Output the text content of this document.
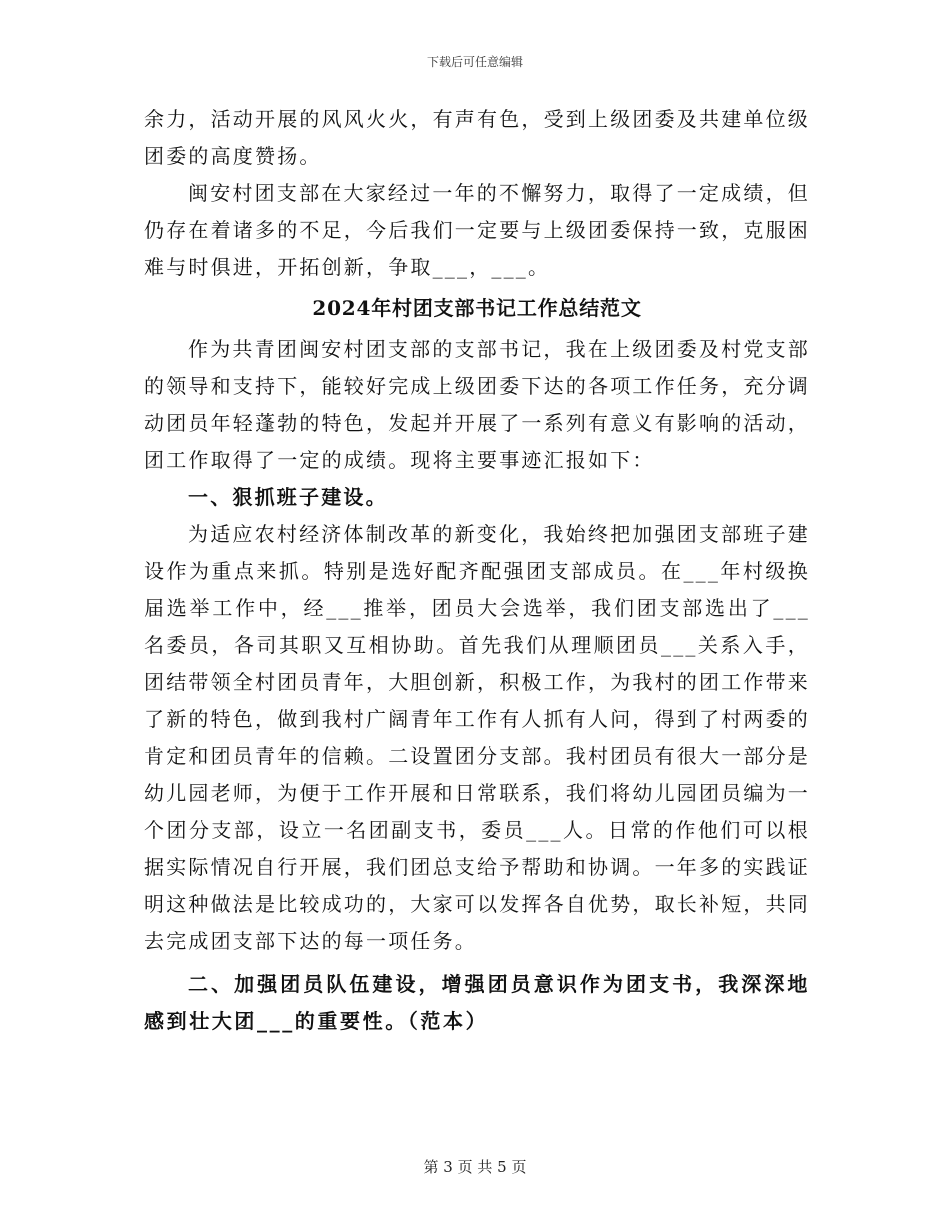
下载后可任意编辑

余力，活动开展的风风火火，有声有色，受到上级团委及共建单位级团委的高度赞扬。

闽安村团支部在大家经过一年的不懈努力，取得了一定成绩，但仍存在着诸多的不足，今后我们一定要与上级团委保持一致，克服困难与时俱进，开拓创新，争取___，___。

2024年村团支部书记工作总结范文

作为共青团闽安村团支部的支部书记，我在上级团委及村党支部的领导和支持下，能较好完成上级团委下达的各项工作任务，充分调动团员年轻蓬勃的特色，发起并开展了一系列有意义有影响的活动，团工作取得了一定的成绩。现将主要事迹汇报如下：

一、狠抓班子建设。

为适应农村经济体制改革的新变化，我始终把加强团支部班子建设作为重点来抓。特别是选好配齐配强团支部成员。在___年村级换届选举工作中，经___推举，团员大会选举，我们团支部选出了___名委员，各司其职又互相协助。首先我们从理顺团员___关系入手，团结带领全村团员青年，大胆创新，积极工作，为我村的团工作带来了新的特色，做到我村广阔青年工作有人抓有人问，得到了村两委的肯定和团员青年的信赖。二设置团分支部。我村团员有很大一部分是幼儿园老师，为便于工作开展和日常联系，我们将幼儿园团员编为一个团分支部，设立一名团副支书，委员___人。日常的作他们可以根据实际情况自行开展，我们团总支给予帮助和协调。一年多的实践证明这种做法是比较成功的，大家可以发挥各自优势，取长补短，共同去完成团支部下达的每一项任务。

二、加强团员队伍建设，增强团员意识作为团支书，我深深地感到壮大团___的重要性。（范本）

第 3 页 共 5 页
